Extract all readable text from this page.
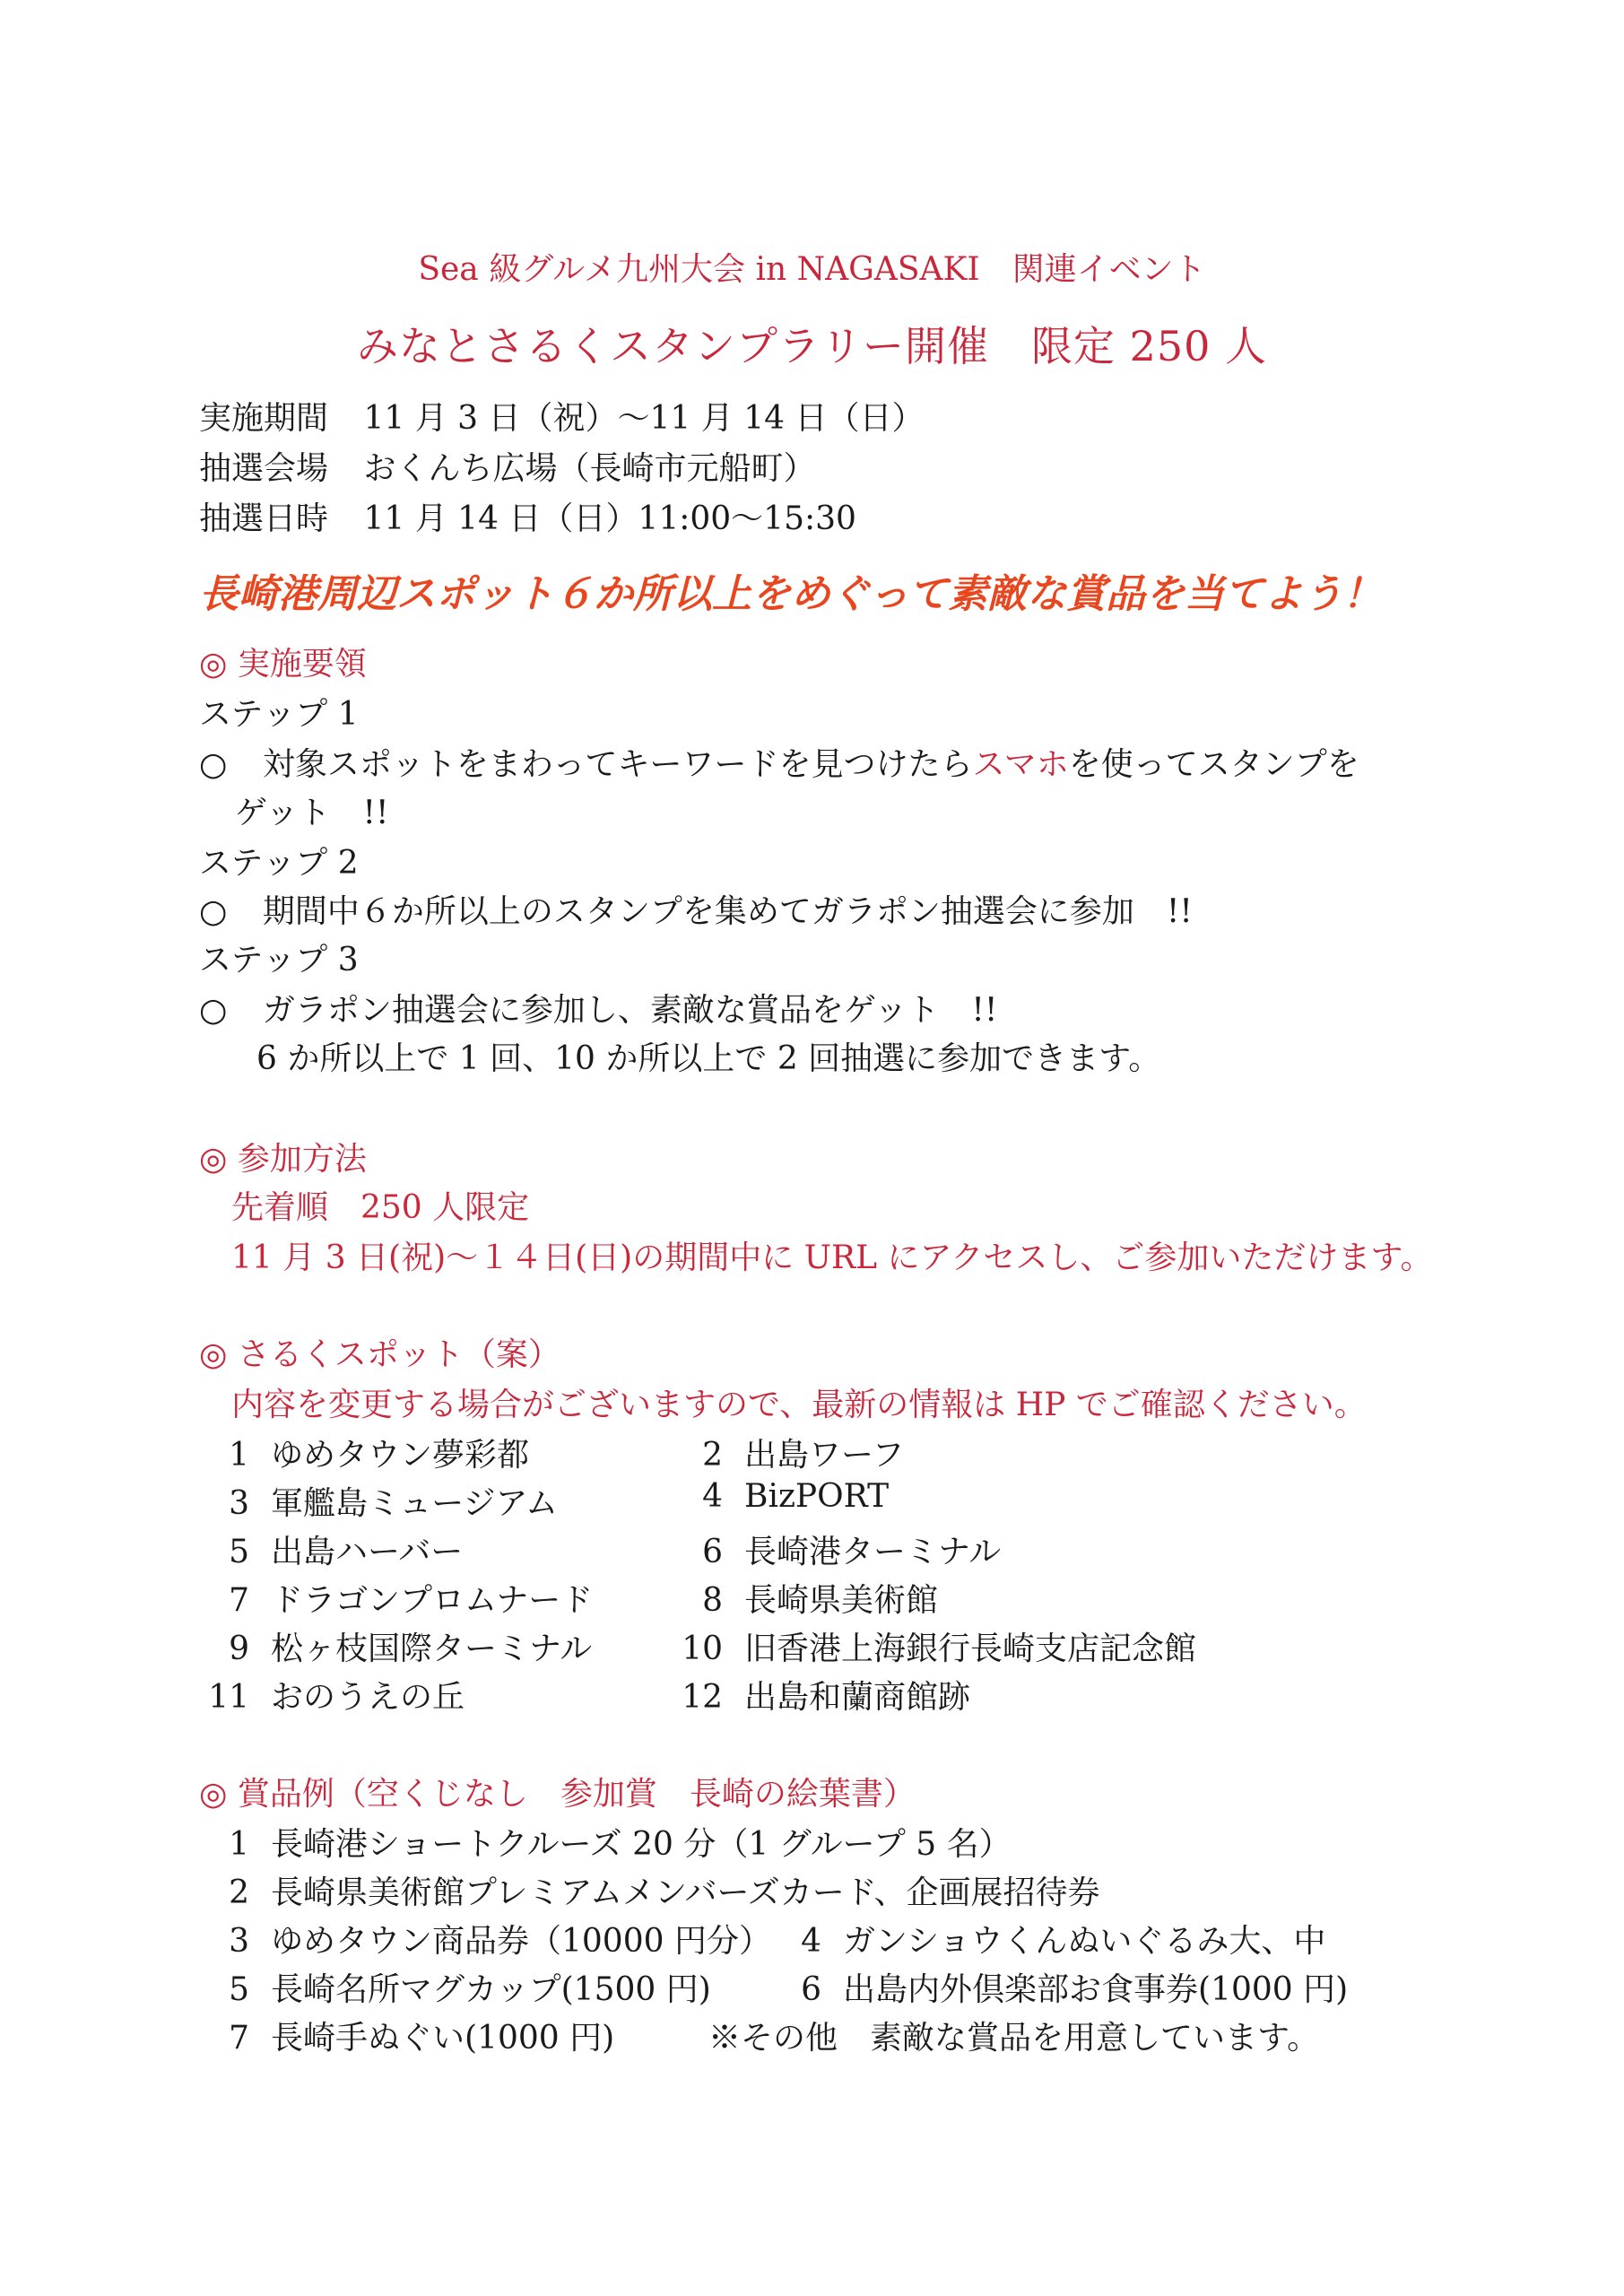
Sea 級グルメ九州大会 in NAGASAKI　関連イベント
みなとさるくスタンプラリー開催　限定 250 人
実施期間 11 月 3 日（祝）～11 月 14 日（日）
抽選会場 おくんち広場（長崎市元船町）
抽選日時 11 月 14 日（日）11:00～15:30
長崎港周辺スポット６か所以上をめぐって素敵な賞品を当てよう！
◎ 実施要領
ステップ 1
○ 対象スポットをまわってキーワードを見つけたらスマホを使ってスタンプを
ゲット　!!
ステップ 2
○ 期間中６か所以上のスタンプを集めてガラポン抽選会に参加　!!
ステップ 3
○ ガラポン抽選会に参加し、素敵な賞品をゲット　!!
6 か所以上で 1 回、10 か所以上で 2 回抽選に参加できます。
◎ 参加方法
先着順　250 人限定
11 月 3 日(祝)～１４日(日)の期間中に URL にアクセスし、ご参加いただけます。
◎ さるくスポット（案）
内容を変更する場合がございますので、最新の情報は HP でご確認ください。
1 ゆめタウン夢彩都
3 軍艦島ミュージアム
5 出島ハーバー
7 ドラゴンプロムナード
9 松ヶ枝国際ターミナル
11 おのうえの丘
2 出島ワーフ
4 BizPORT
6 長崎港ターミナル
8 長崎県美術館
10 旧香港上海銀行長崎支店記念館
12 出島和蘭商館跡
◎ 賞品例（空くじなし　参加賞　長崎の絵葉書）
1 長崎港ショートクルーズ 20 分（1 グループ 5 名）
2 長崎県美術館プレミアムメンバーズカード、企画展招待券
3 ゆめタウン商品券（10000 円分） 4 ガンショウくんぬいぐるみ大、中
5 長崎名所マグカップ(1500 円)	6 出島内外倶楽部お食事券(1000 円)
7 長崎手ぬぐい(1000 円)	※その他　素敵な賞品を用意しています。
